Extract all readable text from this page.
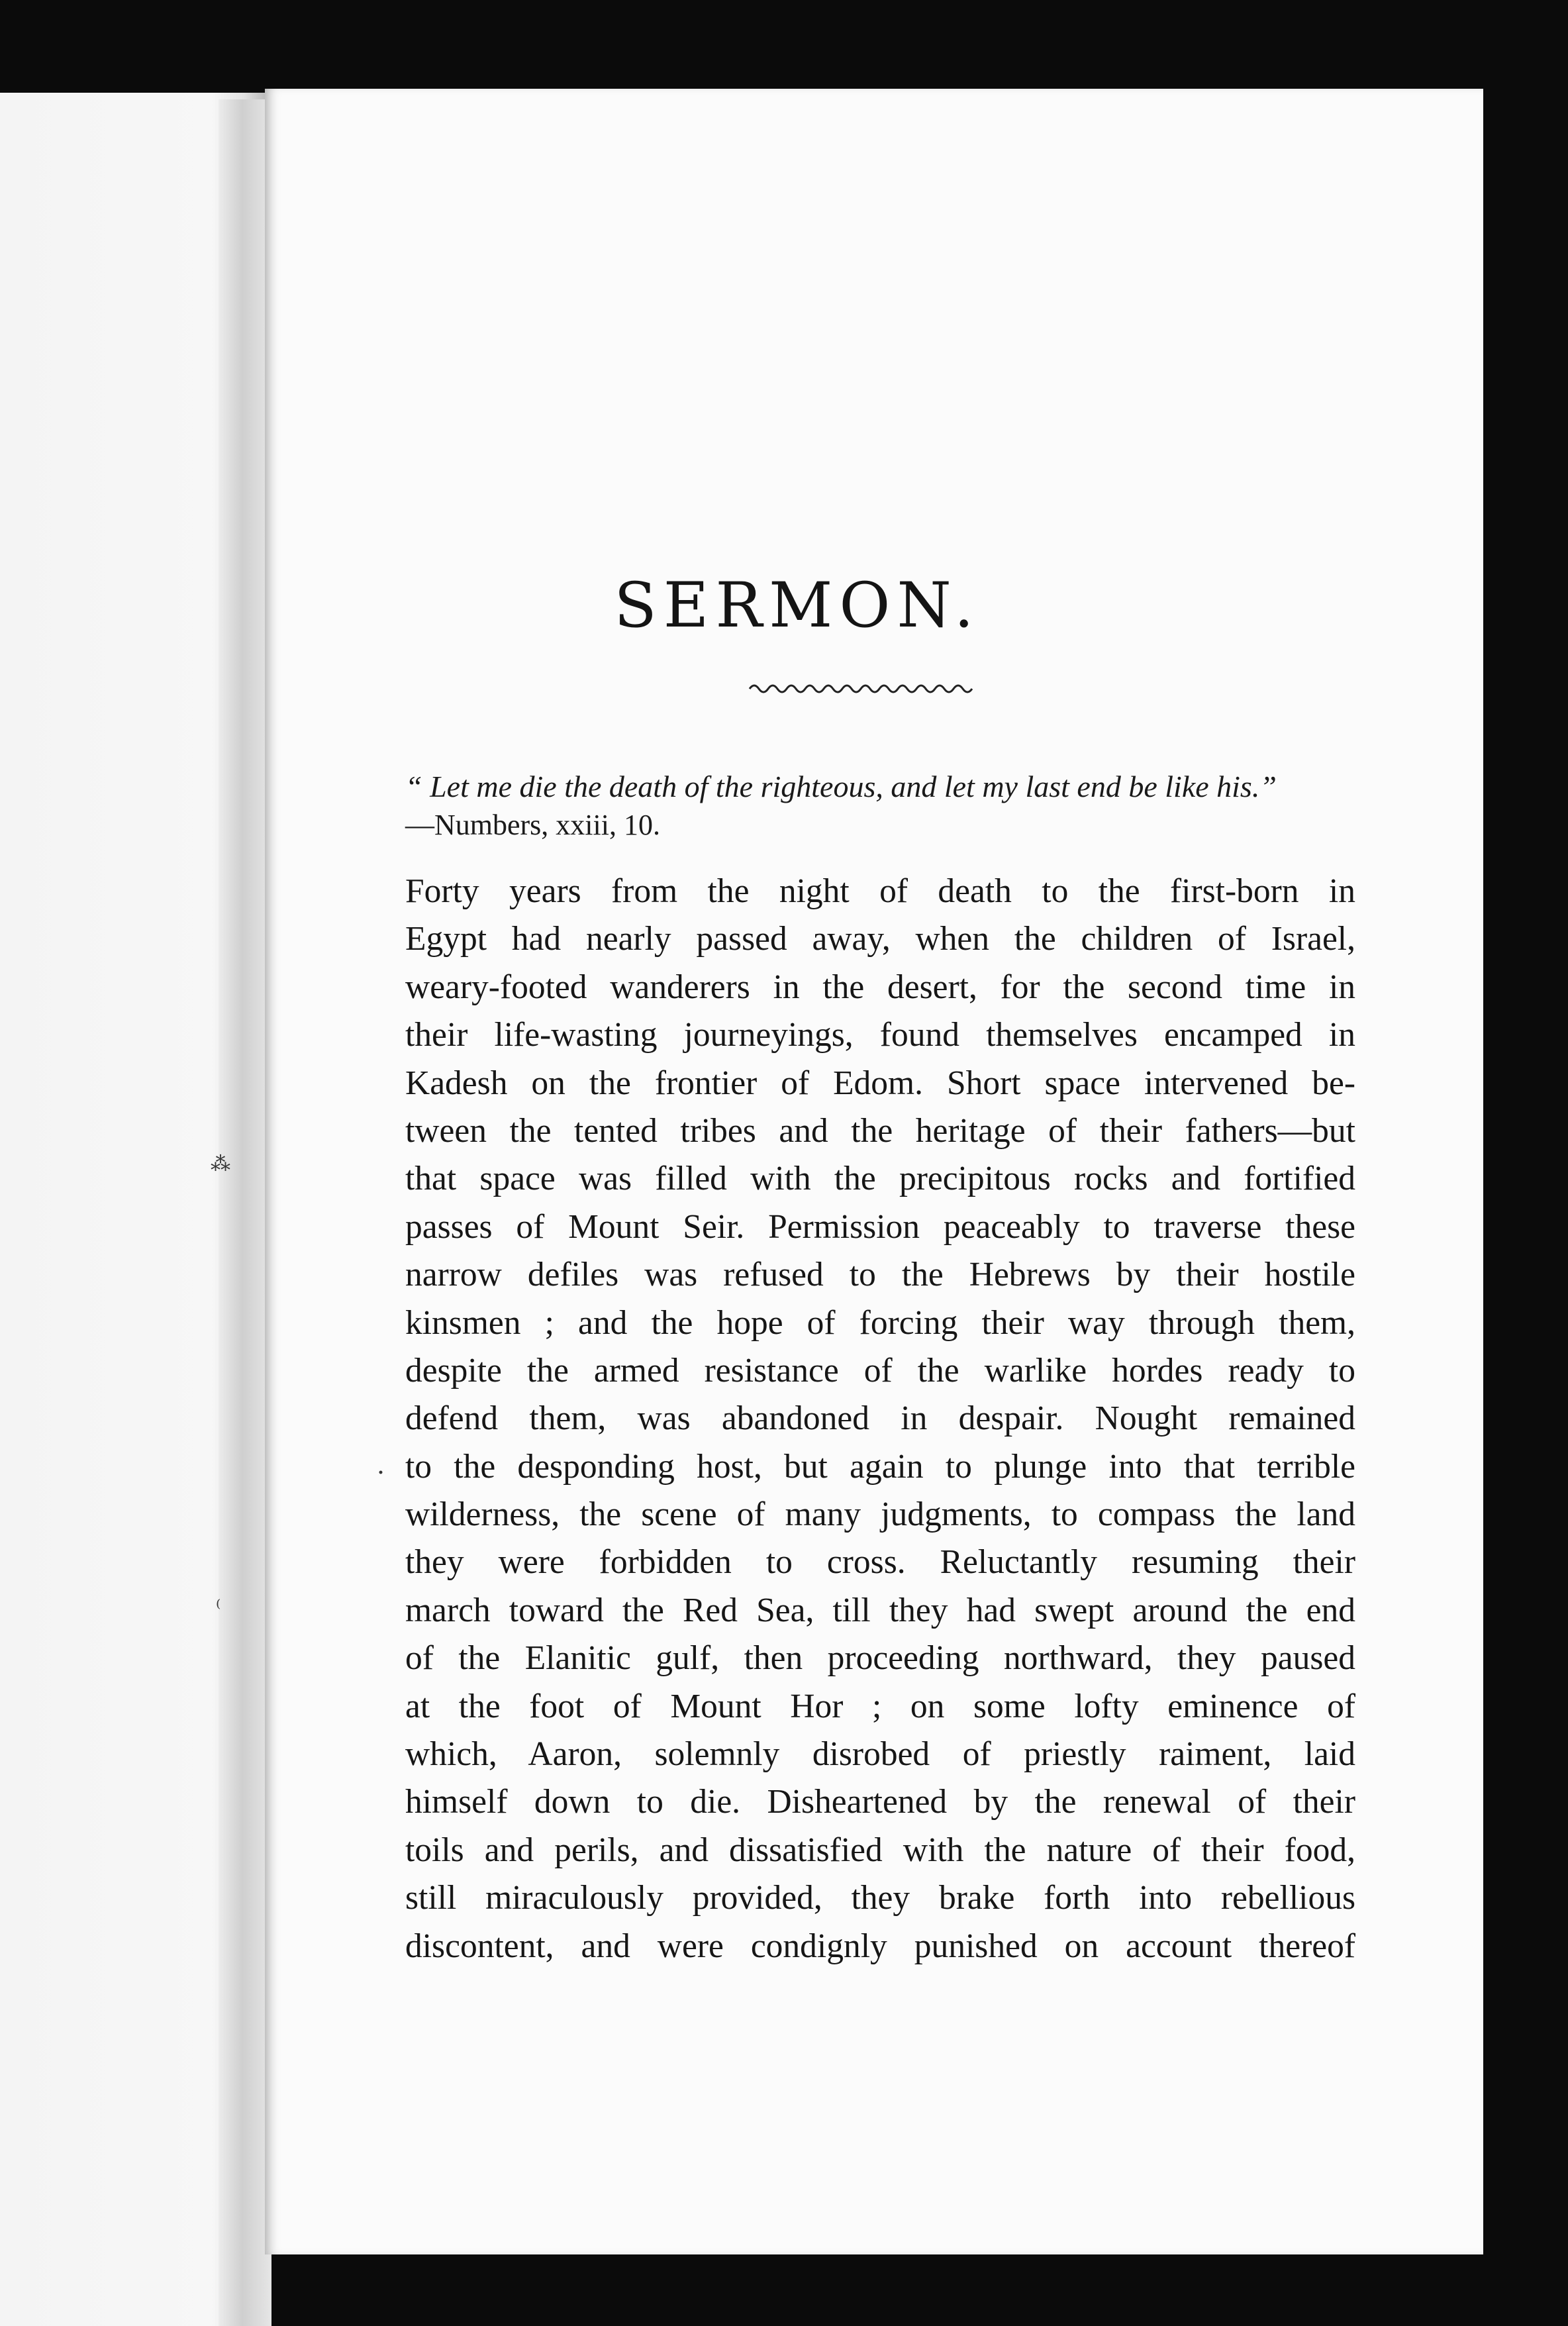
⁂
·
⁽
SERMON.
“ Let me die the death of the righteous, and let my last end be like his.”
—Numbers, xxiii, 10.
Forty years from the night of death to the first-born in
Egypt had nearly passed away, when the children of Israel,
weary-footed wanderers in the desert, for the second time in
their life-wasting journeyings, found themselves encamped in
Kadesh on the frontier of Edom. Short space intervened be-
tween the tented tribes and the heritage of their fathers—but
that space was filled with the precipitous rocks and fortified
passes of Mount Seir. Permission peaceably to traverse these
narrow defiles was refused to the Hebrews by their hostile
kinsmen ; and the hope of forcing their way through them,
despite the armed resistance of the warlike hordes ready to
defend them, was abandoned in despair. Nought remained
to the desponding host, but again to plunge into that terrible
wilderness, the scene of many judgments, to compass the land
they were forbidden to cross. Reluctantly resuming their
march toward the Red Sea, till they had swept around the end
of the Elanitic gulf, then proceeding northward, they paused
at the foot of Mount Hor ; on some lofty eminence of
which, Aaron, solemnly disrobed of priestly raiment, laid
himself down to die. Disheartened by the renewal of their
toils and perils, and dissatisfied with the nature of their food,
still miraculously provided, they brake forth into rebellious
discontent, and were condignly punished on account thereof
